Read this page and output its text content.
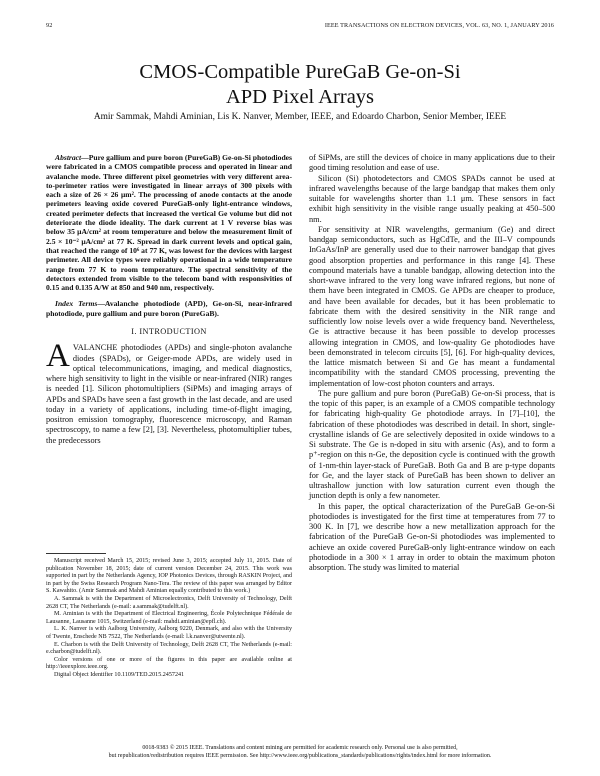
92	IEEE TRANSACTIONS ON ELECTRON DEVICES, VOL. 63, NO. 1, JANUARY 2016
CMOS-Compatible PureGaB Ge-on-Si
APD Pixel Arrays
Amir Sammak, Mahdi Aminian, Lis K. Nanver, Member, IEEE, and Edoardo Charbon, Senior Member, IEEE

Abstract—Pure gallium and pure boron (PureGaB) Ge-on-Si photodiodes were fabricated in a CMOS compatible process and operated in linear and avalanche mode. Three different pixel geometries with very different area-to-perimeter ratios were investigated in linear arrays of 300 pixels with each a size of 26 × 26 μm². The processing of anode contacts at the anode perimeters leaving oxide covered PureGaB-only light-entrance windows, created perimeter defects that increased the vertical Ge volume but did not deteriorate the diode ideality. The dark current at 1 V reverse bias was below 35 μA/cm² at room temperature and below the measurement limit of 2.5 × 10⁻² μA/cm² at 77 K. Spread in dark current levels and optical gain, that reached the range of 10⁶ at 77 K, was lowest for the devices with largest perimeter. All device types were reliably operational in a wide temperature range from 77 K to room temperature. The spectral sensitivity of the detectors extended from visible to the telecom band with responsivities of 0.15 and 0.135 A/W at 850 and 940 nm, respectively.

Index Terms—Avalanche photodiode (APD), Ge-on-Si, near-infrared photodiode, pure gallium and pure boron (PureGaB).

I. INTRODUCTION

AVALANCHE photodiodes (APDs) and single-photon avalanche diodes (SPADs), or Geiger-mode APDs, are widely used in optical telecommunications, imaging, and medical diagnostics, where high sensitivity to light in the visible or near-infrared (NIR) ranges is needed [1]. Silicon photomultipliers (SiPMs) and imaging arrays of APDs and SPADs have seen a fast growth in the last decade, and are used today in a variety of applications, including time-of-flight imaging, positron emission tomography, fluorescence microscopy, and Raman spectroscopy, to name a few [2], [3]. Nevertheless, photomultiplier tubes, the predecessors

Manuscript received March 15, 2015; revised June 3, 2015; accepted July 11, 2015. Date of publication November 18, 2015; date of current version December 24, 2015. This work was supported in part by the Netherlands Agency, IOP Photonics Devices, through RASKIN Project, and in part by the Swiss Research Program Nano-Tera. The review of this paper was arranged by Editor S. Kawahito. (Amir Sammak and Mahdi Aminian equally contributed to this work.)

A. Sammak is with the Department of Microelectronics, Delft University of Technology, Delft 2628 CT, The Netherlands (e-mail: a.sammak@tudelft.nl).

M. Aminian is with the Department of Electrical Engineering, École Polytechnique Fédérale de Lausanne, Lausanne 1015, Switzerland (e-mail: mahdi.aminian@epfl.ch).

L. K. Nanver is with Aalborg University, Aalborg 9220, Denmark, and also with the University of Twente, Enschede NB 7522, The Netherlands (e-mail: l.k.nanver@utwente.nl).

E. Charbon is with the Delft University of Technology, Delft 2628 CT, The Netherlands (e-mail: e.charbon@tudelft.nl).

Color versions of one or more of the figures in this paper are available online at http://ieeexplore.ieee.org.

Digital Object Identifier 10.1109/TED.2015.2457241

of SiPMs, are still the devices of choice in many applications due to their good timing resolution and ease of use.

Silicon (Si) photodetectors and CMOS SPADs cannot be used at infrared wavelengths because of the large bandgap that makes them only suitable for wavelengths shorter than 1.1 μm. These sensors in fact exhibit high sensitivity in the visible range usually peaking at 450–500 nm.

For sensitivity at NIR wavelengths, germanium (Ge) and direct bandgap semiconductors, such as HgCdTe, and the III–V compounds InGaAs/InP are generally used due to their narrower bandgap that gives good absorption properties and performance in this range [4]. These compound materials have a tunable bandgap, allowing detection into the short-wave infrared to the very long wave infrared regions, but none of them have been integrated in CMOS. Ge APDs are cheaper to produce, and have been available for decades, but it has been problematic to fabricate them with the desired sensitivity in the NIR range and sufficiently low noise levels over a wide frequency band. Nevertheless, Ge is attractive because it has been possible to develop processes allowing integration in CMOS, and low-quality Ge photodiodes have been demonstrated in telecom circuits [5], [6]. For high-quality devices, the lattice mismatch between Si and Ge has meant a fundamental incompatibility with the standard CMOS processing, preventing the implementation of low-cost photon counters and arrays.

The pure gallium and pure boron (PureGaB) Ge-on-Si process, that is the topic of this paper, is an example of a CMOS compatible technology for fabricating high-quality Ge photodiode arrays. In [7]–[10], the fabrication of these photodiodes was described in detail. In short, single-crystalline islands of Ge are selectively deposited in oxide windows to a Si substrate. The Ge is n-doped in situ with arsenic (As), and to form a p⁺-region on this n-Ge, the deposition cycle is continued with the growth of 1-nm-thin layer-stack of PureGaB. Both Ga and B are p-type dopants for Ge, and the layer stack of PureGaB has been shown to deliver an ultrashallow junction with low saturation current even though the junction depth is only a few nanometer.

In this paper, the optical characterization of the PureGaB Ge-on-Si photodiodes is investigated for the first time at temperatures from 77 to 300 K. In [7], we describe how a new metallization approach for the fabrication of the PureGaB Ge-on-Si photodiodes was implemented to achieve an oxide covered PureGaB-only light-entrance window on each photodiode in a 300 × 1 array in order to obtain the maximum photon absorption. The study was limited to material

0018-9383 © 2015 IEEE. Translations and content mining are permitted for academic research only. Personal use is also permitted,
but republication/redistribution requires IEEE permission. See http://www.ieee.org/publications_standards/publications/rights/index.html for more information.
